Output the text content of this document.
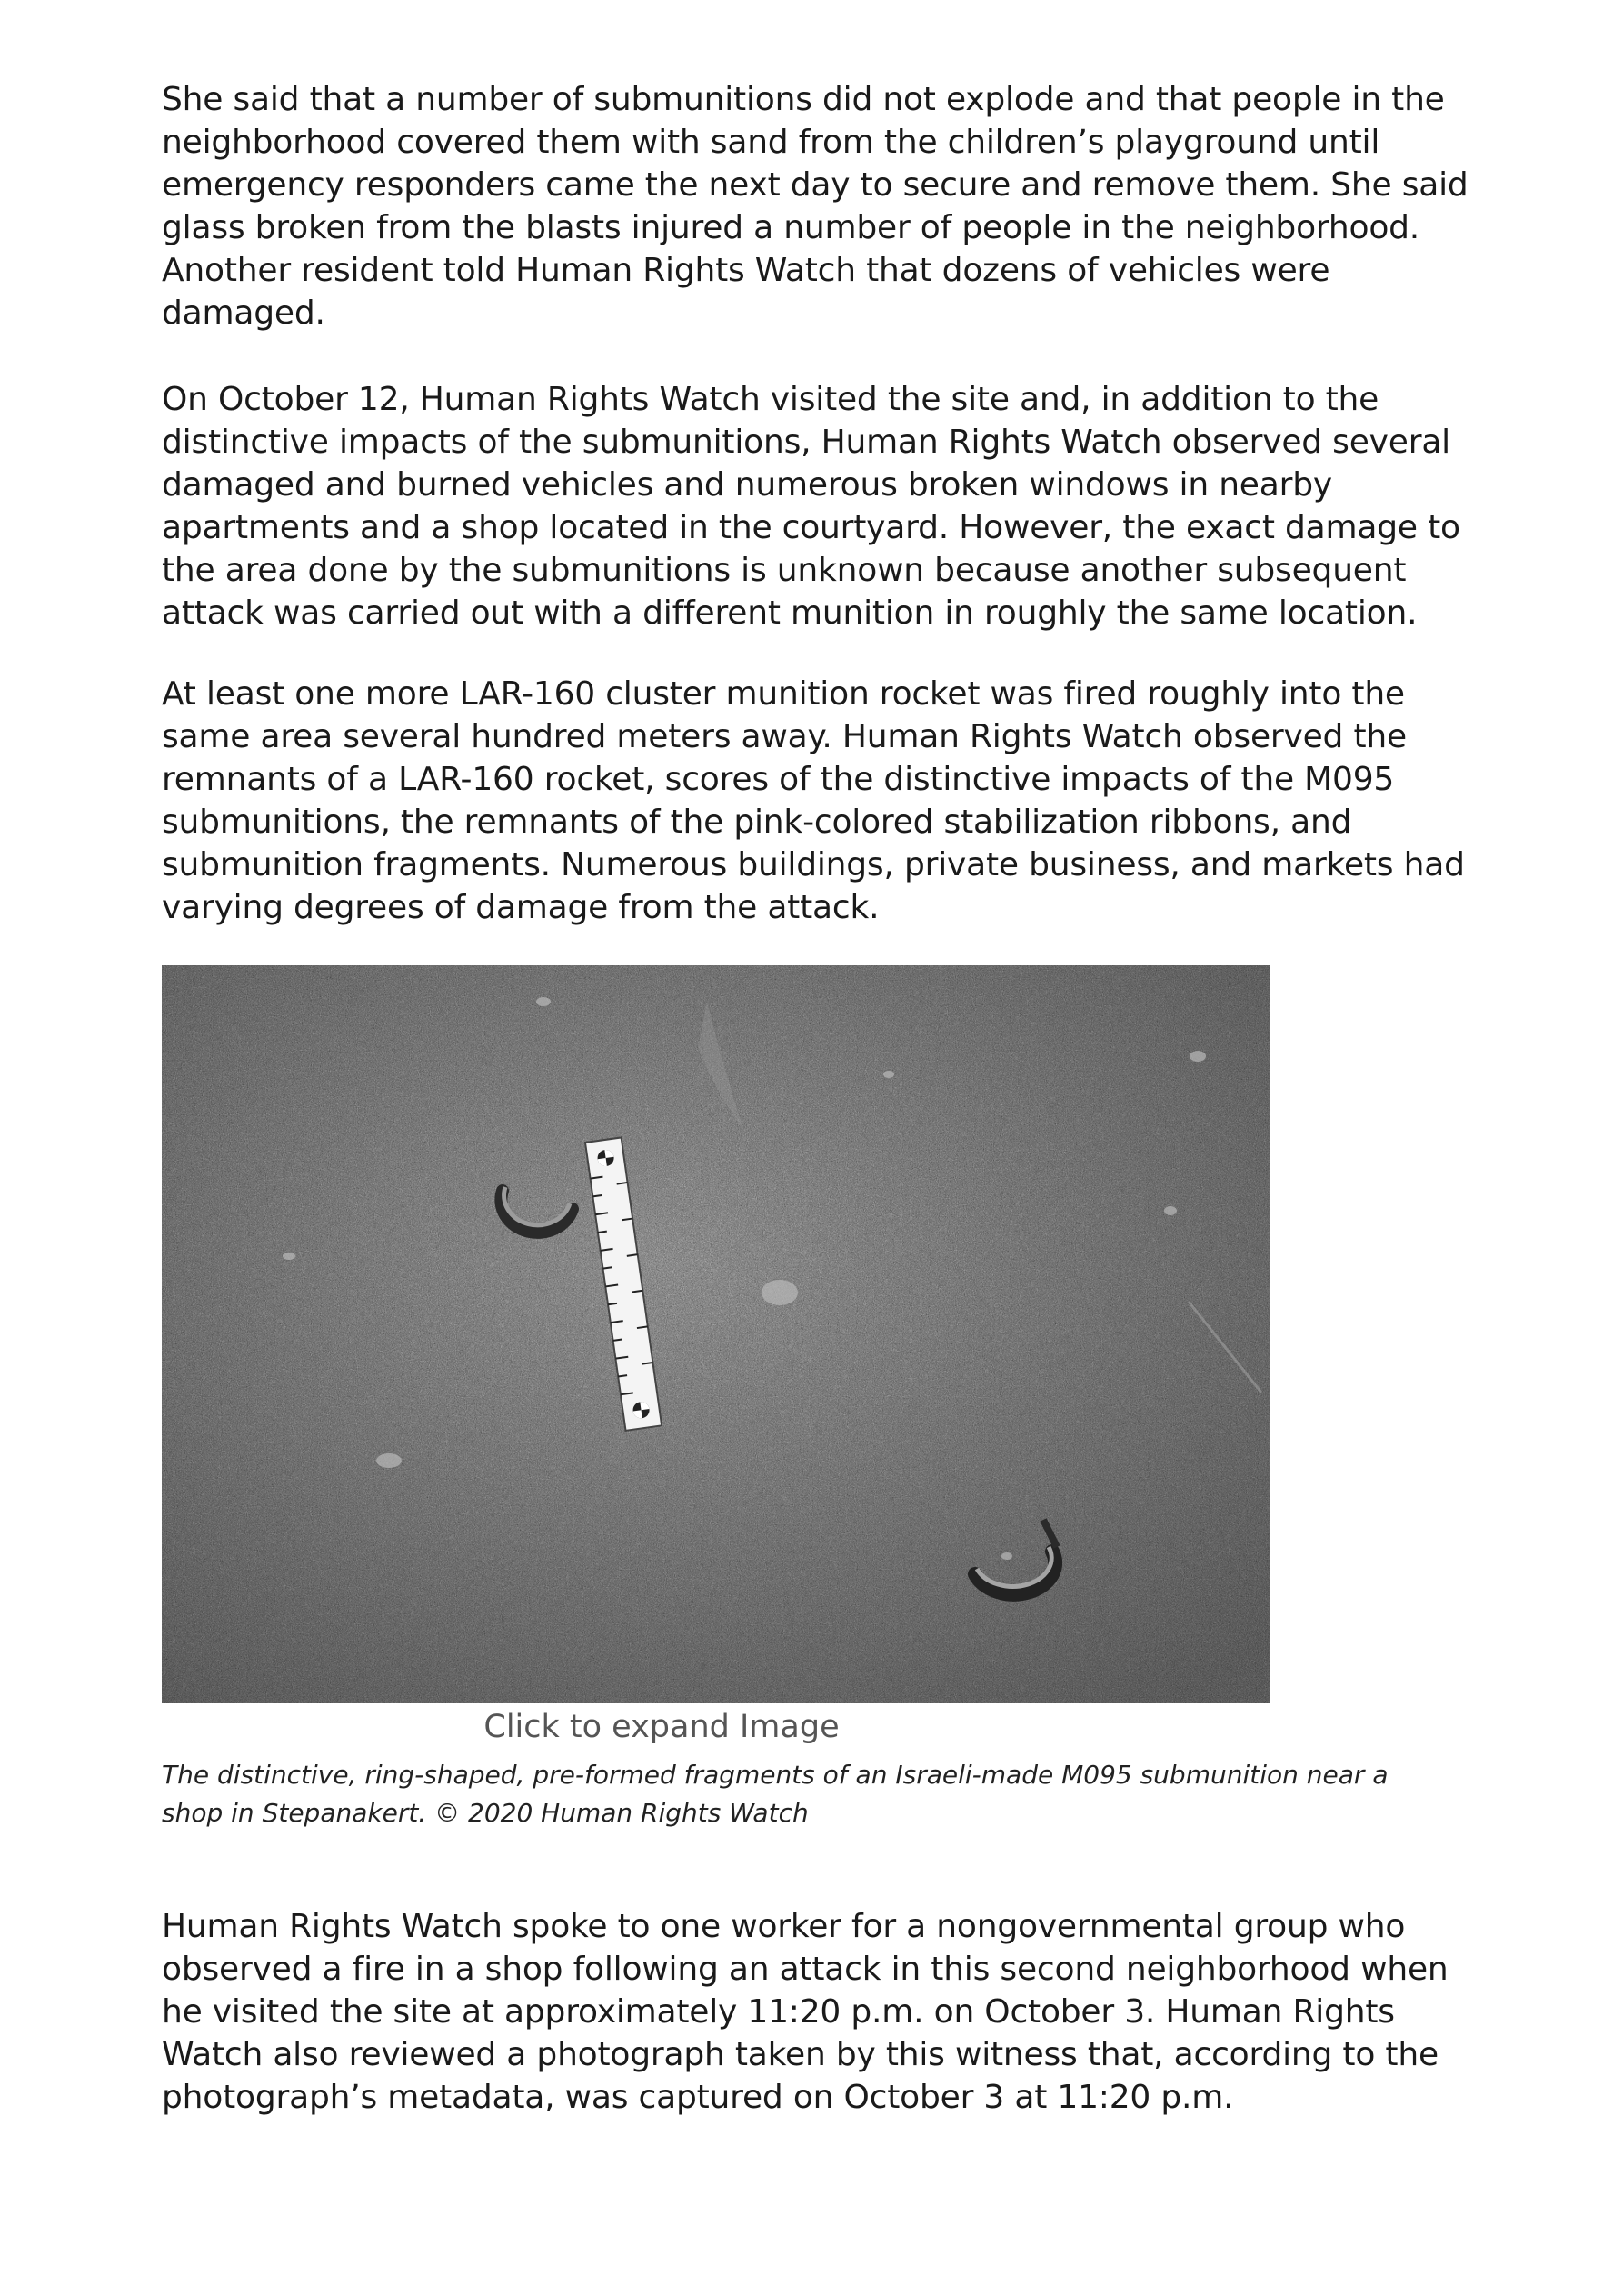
She said that a number of submunitions did not explode and that people in the neighborhood covered them with sand from the children’s playground until emergency responders came the next day to secure and remove them. She said glass broken from the blasts injured a number of people in the neighborhood. Another resident told Human Rights Watch that dozens of vehicles were damaged.

On October 12, Human Rights Watch visited the site and, in addition to the distinctive impacts of the submunitions, Human Rights Watch observed several damaged and burned vehicles and numerous broken windows in nearby apartments and a shop located in the courtyard. However, the exact damage to the area done by the submunitions is unknown because another subsequent attack was carried out with a different munition in roughly the same location.

At least one more LAR-160 cluster munition rocket was fired roughly into the same area several hundred meters away. Human Rights Watch observed the remnants of a LAR-160 rocket, scores of the distinctive impacts of the M095 submunitions, the remnants of the pink-colored stabilization ribbons, and submunition fragments. Numerous buildings, private business, and markets had varying degrees of damage from the attack.

Click to expand Image

The distinctive, ring-shaped, pre-formed fragments of an Israeli-made M095 submunition near a shop in Stepanakert. © 2020 Human Rights Watch

Human Rights Watch spoke to one worker for a nongovernmental group who observed a fire in a shop following an attack in this second neighborhood when he visited the site at approximately 11:20 p.m. on October 3. Human Rights Watch also reviewed a photograph taken by this witness that, according to the photograph’s metadata, was captured on October 3 at 11:20 p.m.
